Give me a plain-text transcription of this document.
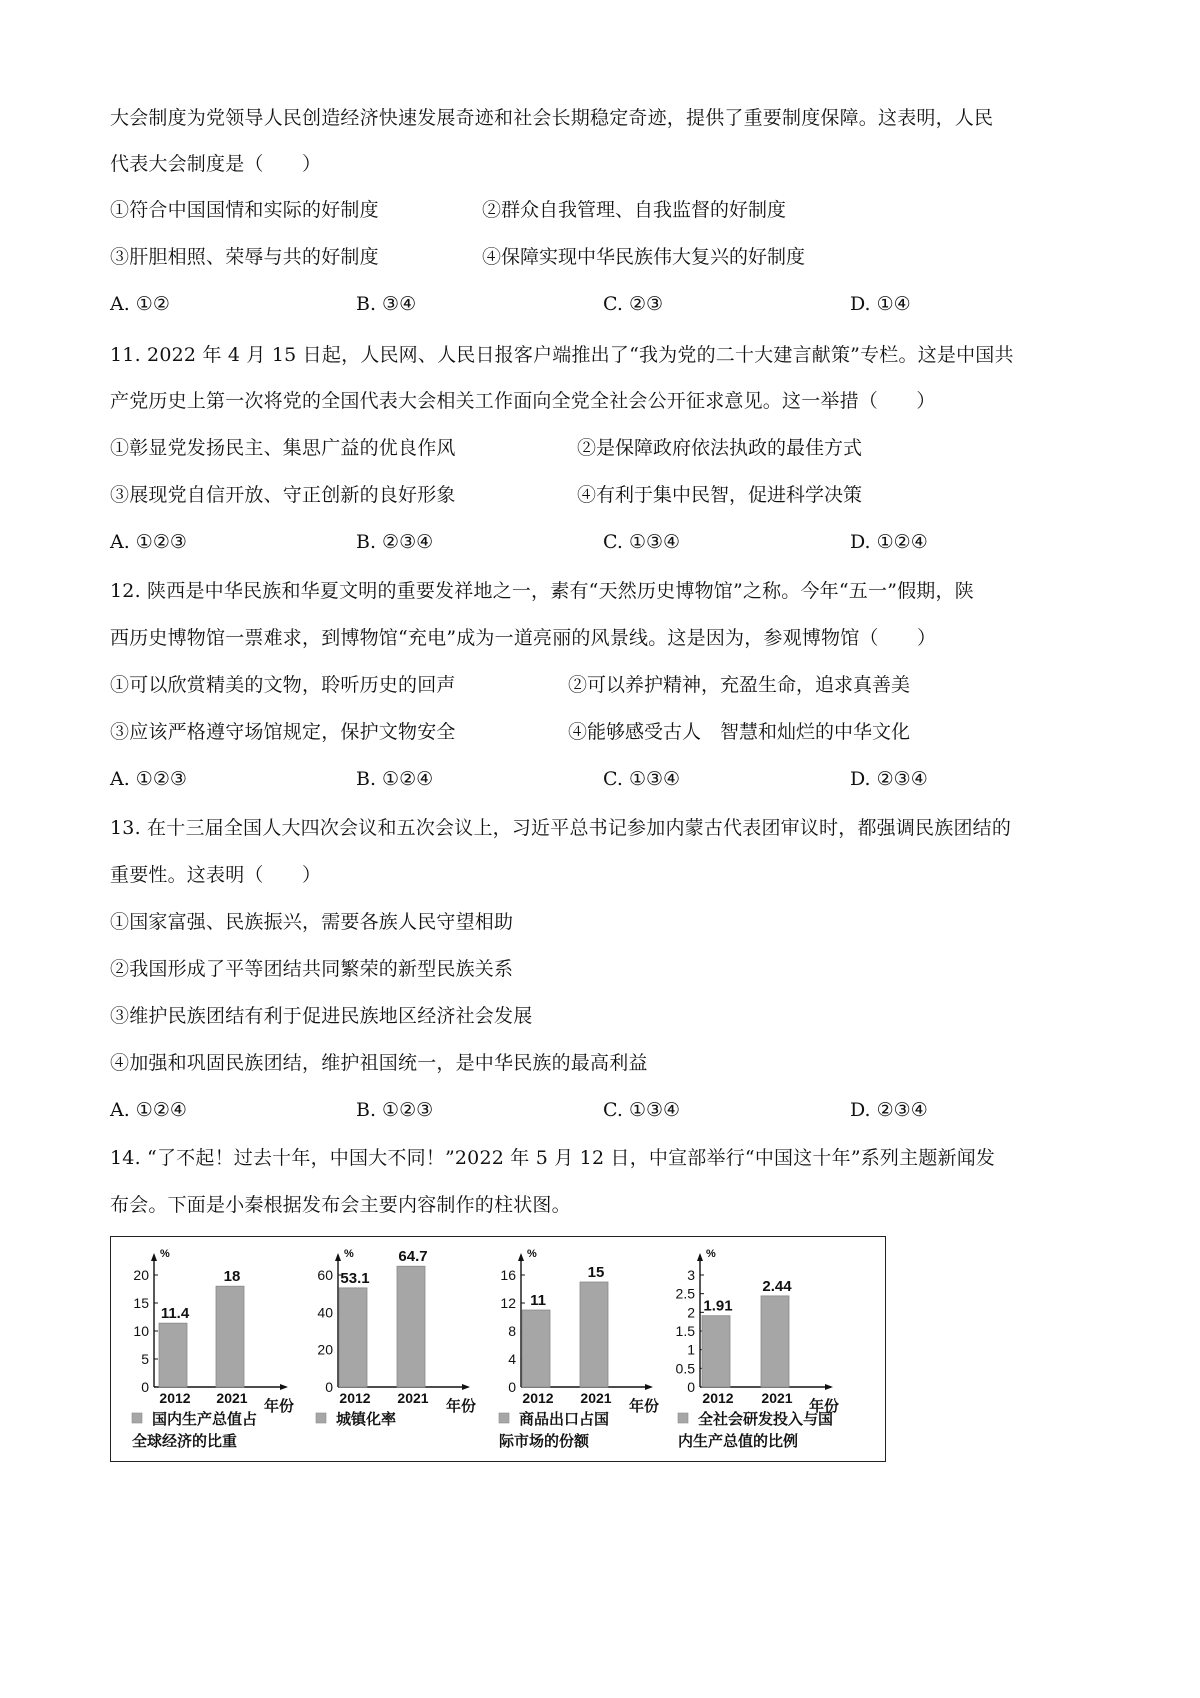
大会制度为党领导人民创造经济快速发展奇迹和社会长期稳定奇迹，提供了重要制度保障。这表明，人民
代表大会制度是（　　）
①符合中国国情和实际的好制度	②群众自我管理、自我监督的好制度
③肝胆相照、荣辱与共的好制度	④保障实现中华民族伟大复兴的好制度
A. ①②	B. ③④	C. ②③	D. ①④
11. 2022 年 4 月 15 日起，人民网、人民日报客户端推出了“我为党的二十大建言献策”专栏。这是中国共
产党历史上第一次将党的全国代表大会相关工作面向全党全社会公开征求意见。这一举措（　　）
①彰显党发扬民主、集思广益的优良作风	②是保障政府依法执政的最佳方式
③展现党自信开放、守正创新的良好形象	④有利于集中民智，促进科学决策
A. ①②③	B. ②③④	C. ①③④	D. ①②④
12. 陕西是中华民族和华夏文明的重要发祥地之一，素有“天然历史博物馆”之称。今年“五一”假期，陕
西历史博物馆一票难求，到博物馆“充电”成为一道亮丽的风景线。这是因为，参观博物馆（　　）
①可以欣赏精美的文物，聆听历史的回声	②可以养护精神，充盈生命，追求真善美
③应该严格遵守场馆规定，保护文物安全	④能够感受古人　智慧和灿烂的中华文化
A. ①②③	B. ①②④	C. ①③④	D. ②③④
13. 在十三届全国人大四次会议和五次会议上，习近平总书记参加内蒙古代表团审议时，都强调民族团结的
重要性。这表明（　　）
①国家富强、民族振兴，需要各族人民守望相助
②我国形成了平等团结共同繁荣的新型民族关系
③维护民族团结有利于促进民族地区经济社会发展
④加强和巩固民族团结，维护祖国统一，是中华民族的最高利益
A. ①②④	B. ①②③	C. ①③④	D. ②③④
14. “了不起！过去十年，中国大不同！”2022 年 5 月 12 日，中宣部举行“中国这十年”系列主题新闻发
布会。下面是小秦根据发布会主要内容制作的柱状图。
%
0
5
10
15
20
11.4
2012
18
2021 年份
国内生产总值占
全球经济的比重
%
0
20
40
60 53.1
2012
64.7
2021 年份
城镇化率
%
0
4
8
12
16
11
2012
15
2021 年份
商品出口占国
际市场的份额
%
0
0.5
1
1.5
2
2.5
3
1.91
2012
2.44
2021 年份
全社会研发投入与国
内生产总值的比例
